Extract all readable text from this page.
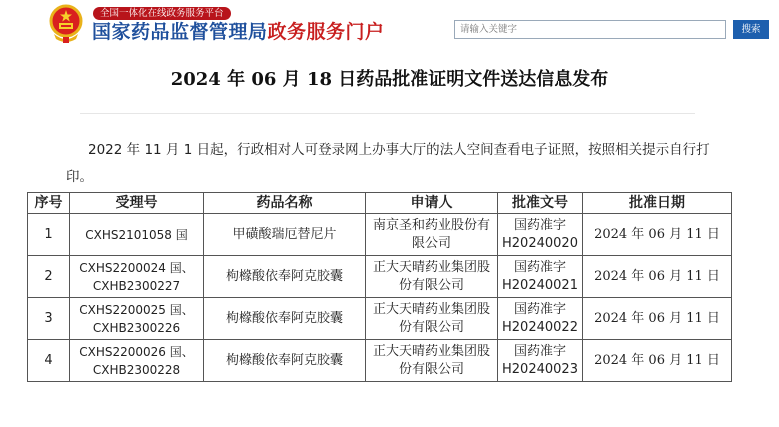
全国一体化在线政务服务平台
国家药品监督管理局政务服务门户
请输入关键字	搜索
2024 年 06 月 18 日药品批准证明文件送达信息发布
2022 年 11 月 1 日起，行政相对人可登录网上办事大厅的法人空间查看电子证照，按照相关提示自行打印。
序号	受理号	药品名称	申请人	批准文号	批准日期
1	CXHS2101058 国	甲磺酸瑞厄替尼片	南京圣和药业股份有限公司	国药准字 H20240020	2024 年 06 月 11 日
2	CXHS2200024 国、CXHB2300227	枸橼酸依奉阿克胶囊	正大天晴药业集团股份有限公司	国药准字 H20240021	2024 年 06 月 11 日
3	CXHS2200025 国、CXHB2300226	枸橼酸依奉阿克胶囊	正大天晴药业集团股份有限公司	国药准字 H20240022	2024 年 06 月 11 日
4	CXHS2200026 国、CXHB2300228	枸橼酸依奉阿克胶囊	正大天晴药业集团股份有限公司	国药准字 H20240023	2024 年 06 月 11 日
